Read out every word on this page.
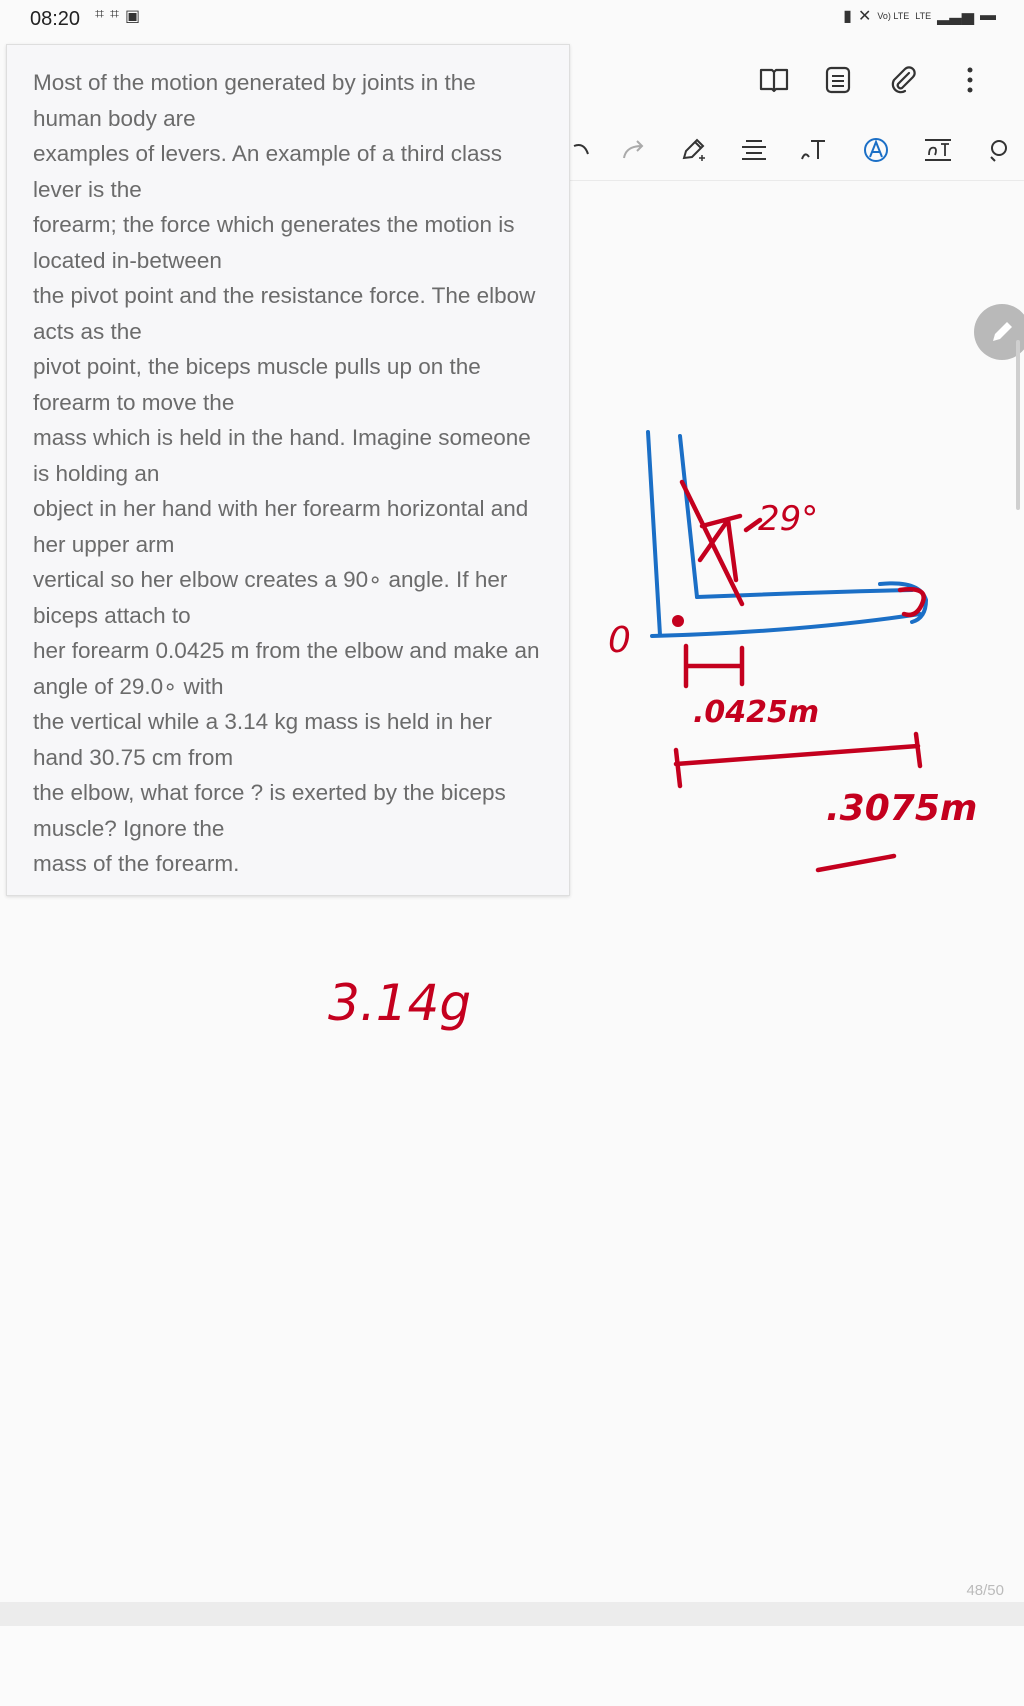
08:20 ⌗ ⌗ ▣	▮ ✕ Vo) LTE LTE ▂▃▅ ▬
Most of the motion generated by joints in the
human body are
examples of levers. An example of a third class
lever is the
forearm; the force which generates the motion is
located in-between
the pivot point and the resistance force. The elbow
acts as the
pivot point, the biceps muscle pulls up on the
forearm to move the
mass which is held in the hand. Imagine someone
is holding an
object in her hand with her forearm horizontal and
her upper arm
vertical so her elbow creates a 90∘ angle. If her
biceps attach to
her forearm 0.0425 m from the elbow and make an
angle of 29.0∘ with
the vertical while a 3.14 kg mass is held in her
hand 30.75 cm from
the elbow, what force ? is exerted by the biceps
muscle? Ignore the
mass of the forearm.
29°
0
.0425m
.3075m
3.14g
48/50
